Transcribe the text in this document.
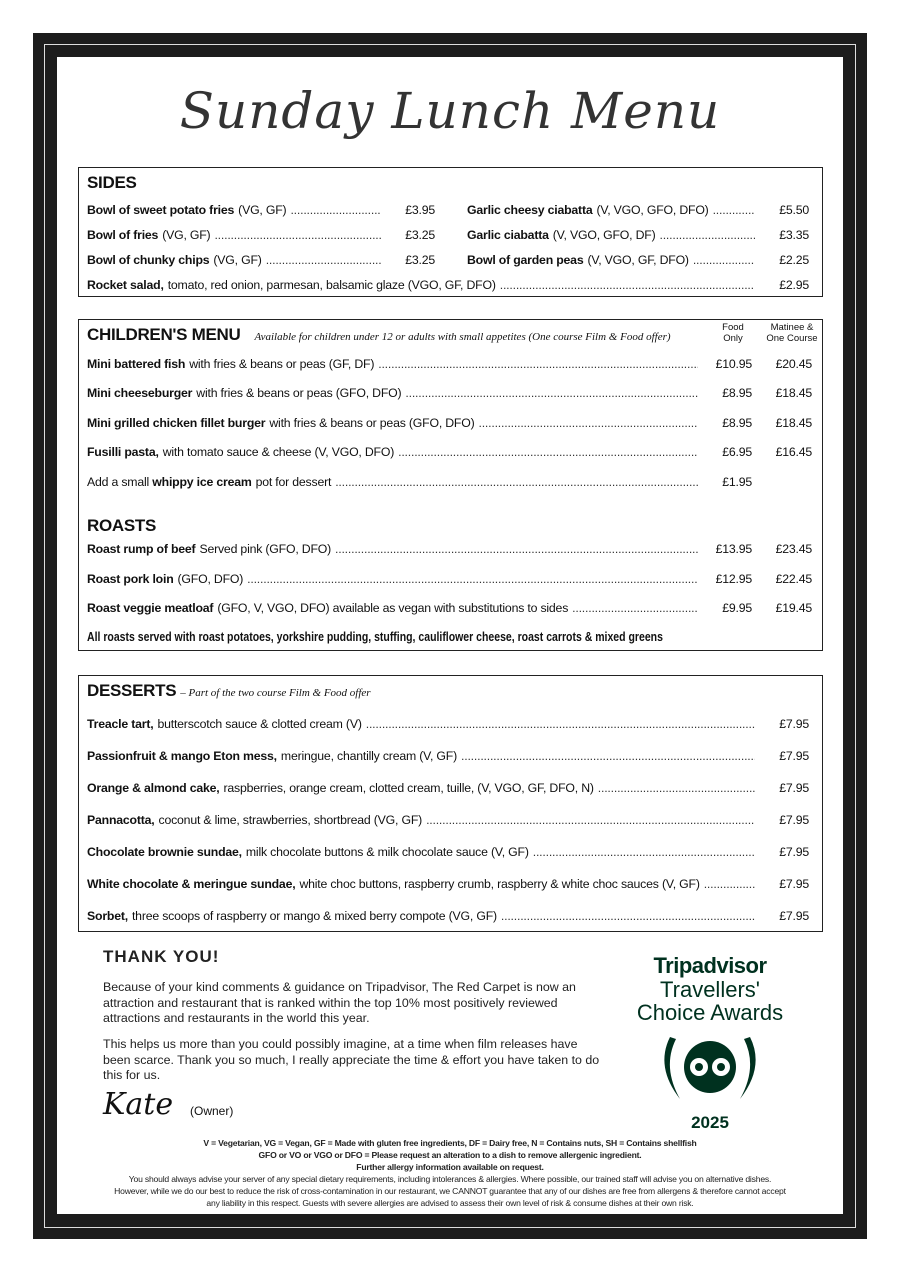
Sunday Lunch Menu
SIDES
CHILDREN'S MENU Available for children under 12 or adults with small appetites (One course Film & Food offer)
Food Only
Matinee & One Course
ROASTS
All roasts served with roast potatoes, yorkshire pudding, stuffing, cauliflower cheese, roast carrots & mixed greens
DESSERTS – Part of the two course Film & Food offer
Bowl of sweet potato fries (VG, GF) .....	£3.95
Bowl of fries (VG, GF) .....	£3.25
Bowl of chunky chips (VG, GF) .....	£3.25
Garlic cheesy ciabatta (V, VGO, GFO, DFO) .....	£5.50
Garlic ciabatta (V, VGO, GFO, DF) .....	£3.35
Bowl of garden peas (V, VGO, GF, DFO) .....	£2.25
Rocket salad, tomato, red onion, parmesan, balsamic glaze (VGO, GF, DFO) .....	£2.95
Mini battered fish with fries & beans or peas (GF, DF) .....	£10.95	£20.45
Mini cheeseburger with fries & beans or peas (GFO, DFO) .....	£8.95	£18.45
Mini grilled chicken fillet burger with fries & beans or peas (GFO, DFO) .....	£8.95	£18.45
Fusilli pasta, with tomato sauce & cheese (V, VGO, DFO) .....	£6.95	£16.45
Add a small whippy ice cream pot for dessert .....	£1.95
Roast rump of beef Served pink (GFO, DFO) .....	£13.95	£23.45
Roast pork loin (GFO, DFO) .....	£12.95	£22.45
Roast veggie meatloaf (GFO, V, VGO, DFO) available as vegan with substitutions to sides .....	£9.95	£19.45
Treacle tart, butterscotch sauce & clotted cream (V) .....	£7.95
Passionfruit & mango Eton mess, meringue, chantilly cream (V, GF) .....	£7.95
Orange & almond cake, raspberries, orange cream, clotted cream, tuille, (V, VGO, GF, DFO, N) .....	£7.95
Pannacotta, coconut & lime, strawberries, shortbread (VG, GF) .....	£7.95
Chocolate brownie sundae, milk chocolate buttons & milk chocolate sauce (V, GF) .....	£7.95
White chocolate & meringue sundae, white choc buttons, raspberry crumb, raspberry & white choc sauces (V, GF) .....	£7.95
Sorbet, three scoops of raspberry or mango & mixed berry compote (VG, GF) .....	£7.95
THANK YOU!
Because of your kind comments & guidance on Tripadvisor, The Red Carpet is now an attraction and restaurant that is ranked within the top 10% most positively reviewed attractions and restaurants in the world this year.
This helps us more than you could possibly imagine, at a time when film releases have been scarce. Thank you so much, I really appreciate the time & effort you have taken to do this for us.
Kate (Owner)
Tripadvisor
Travellers'
Choice Awards
2025
V = Vegetarian, VG = Vegan, GF = Made with gluten free ingredients, DF = Dairy free, N = Contains nuts, SH = Contains shellfish
GFO or VO or VGO or DFO = Please request an alteration to a dish to remove allergenic ingredient.
Further allergy information available on request.
You should always advise your server of any special dietary requirements, including intolerances & allergies. Where possible, our trained staff will advise you on alternative dishes.
However, while we do our best to reduce the risk of cross-contamination in our restaurant, we CANNOT guarantee that any of our dishes are free from allergens & therefore cannot accept
any liability in this respect. Guests with severe allergies are advised to assess their own level of risk & consume dishes at their own risk.
